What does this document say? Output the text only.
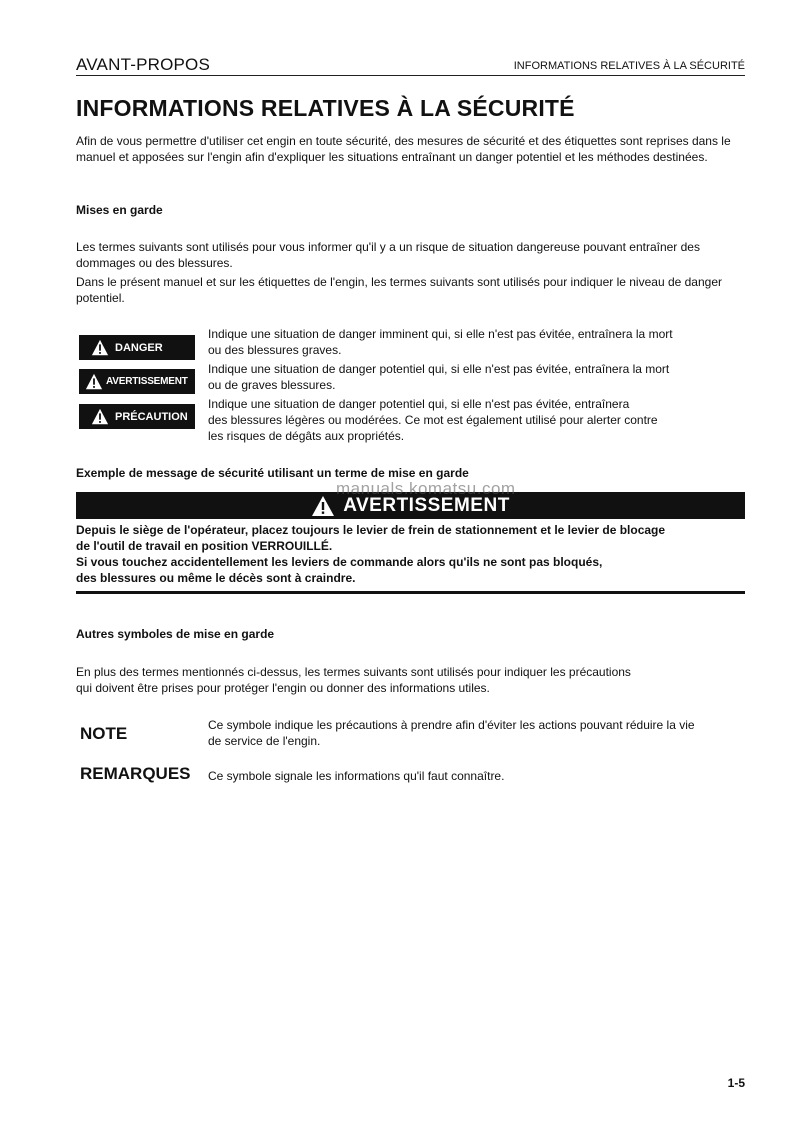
AVANT-PROPOS	INFORMATIONS RELATIVES À LA SÉCURITÉ
INFORMATIONS RELATIVES À LA SÉCURITÉ
Afin de vous permettre d'utiliser cet engin en toute sécurité, des mesures de sécurité et des étiquettes sont reprises dans le manuel et apposées sur l'engin afin d'expliquer les situations entraînant un danger potentiel et les méthodes destinées.
Mises en garde
Les termes suivants sont utilisés pour vous informer qu'il y a un risque de situation dangereuse pouvant entraîner des dommages ou des blessures.
Dans le présent manuel et sur les étiquettes de l'engin, les termes suivants sont utilisés pour indiquer le niveau de danger potentiel.
DANGER
Indique une situation de danger imminent qui, si elle n'est pas évitée, entraînera la mort
ou des blessures graves.
AVERTISSEMENT
Indique une situation de danger potentiel qui, si elle n'est pas évitée, entraînera la mort
ou de graves blessures.
PRÉCAUTION
Indique une situation de danger potentiel qui, si elle n'est pas évitée, entraînera
des blessures légères ou modérées. Ce mot est également utilisé pour alerter contre
les risques de dégâts aux propriétés.
Exemple de message de sécurité utilisant un terme de mise en garde
AVERTISSEMENT
manuals.komatsu.com
Depuis le siège de l'opérateur, placez toujours le levier de frein de stationnement et le levier de blocage
de l'outil de travail en position VERROUILLÉ.
Si vous touchez accidentellement les leviers de commande alors qu'ils ne sont pas bloqués,
des blessures ou même le décès sont à craindre.
Autres symboles de mise en garde
En plus des termes mentionnés ci-dessus, les termes suivants sont utilisés pour indiquer les précautions
qui doivent être prises pour protéger l'engin ou donner des informations utiles.
NOTE	Ce symbole indique les précautions à prendre afin d'éviter les actions pouvant réduire la vie
de service de l'engin.
REMARQUES Ce symbole signale les informations qu'il faut connaître.
1-5
